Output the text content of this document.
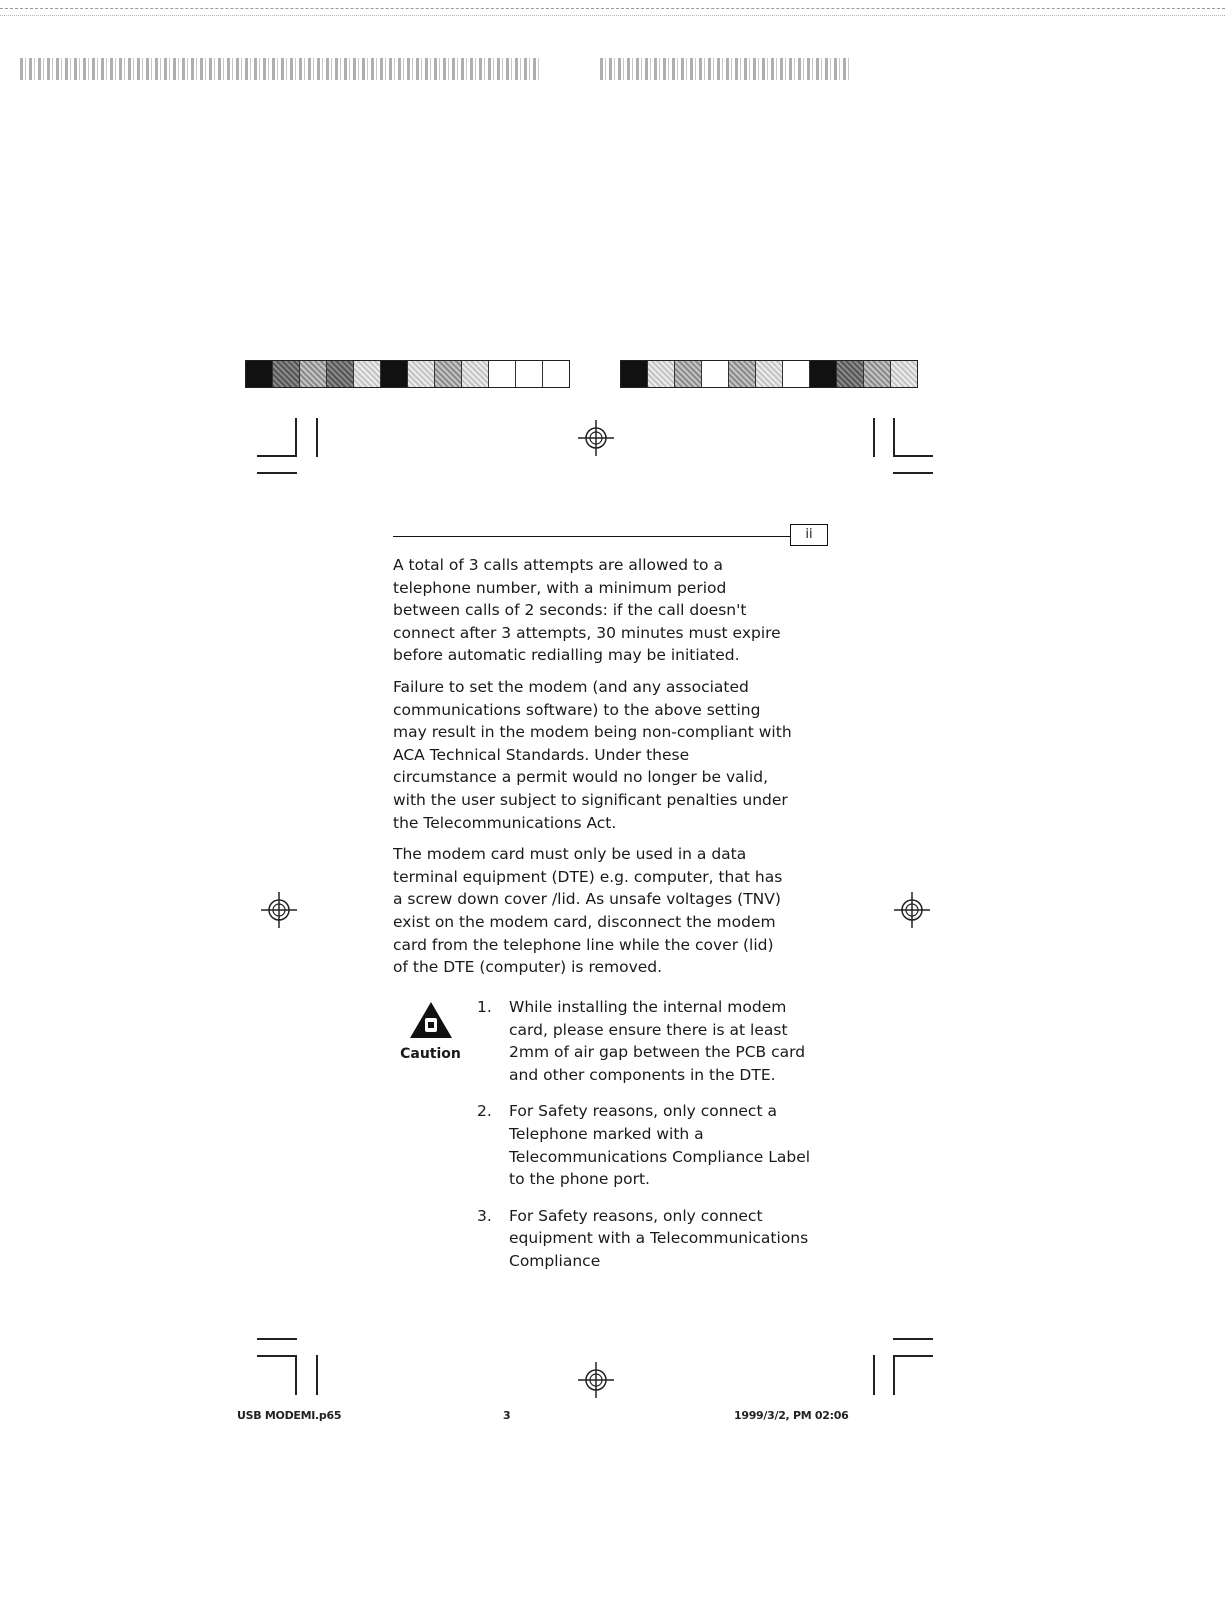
ii

A total of 3 calls attempts are allowed to a telephone number, with a minimum period between calls of 2 seconds: if the call doesn't connect after 3 attempts, 30 minutes must expire before automatic redialling may be initiated.

Failure to set the modem (and any associated communications software) to the above setting may result in the modem being non-compliant with ACA Technical Standards. Under these circumstance a permit would no longer be valid, with the user subject to significant penalties under the Telecommunications Act.

The modem card must only be used in a data terminal equipment (DTE) e.g. computer, that has a screw down cover /lid. As unsafe voltages (TNV) exist on the modem card, disconnect the modem card from the telephone line while the cover (lid) of the DTE (computer) is removed.

Caution
1. While installing the internal modem card, please ensure there is at least 2mm of air gap between the PCB card and other components in the DTE.
2. For Safety reasons, only connect a Telephone marked with a Telecommunications Compliance Label to the phone port.
3. For Safety reasons, only connect equipment with a Telecommunications Compliance
USB MODEMI.p65	3	1999/3/2, PM 02:06
